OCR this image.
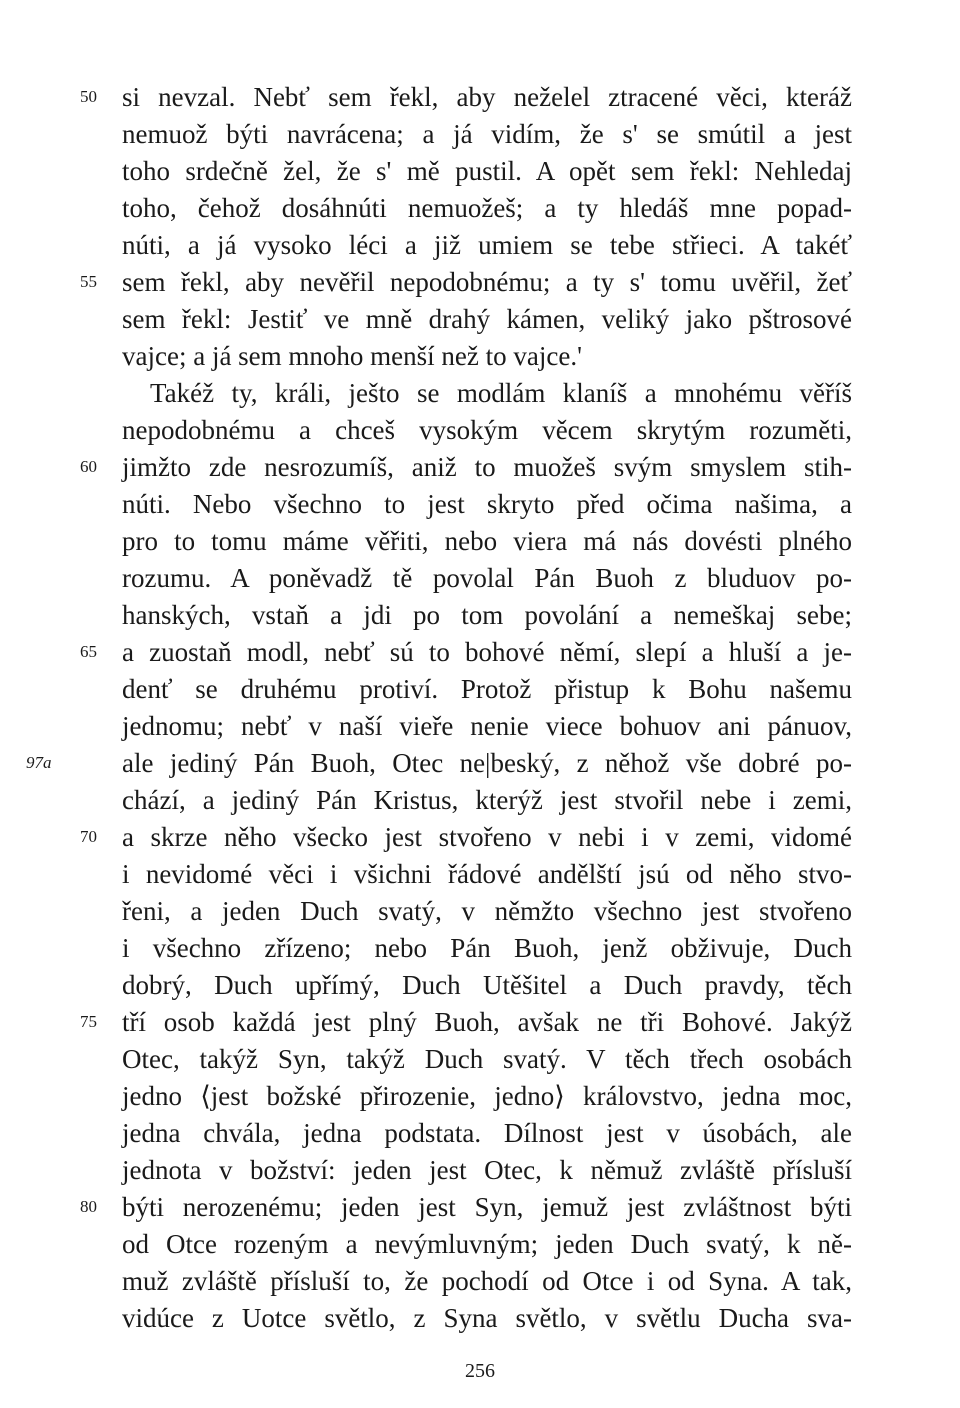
si nevzal. Nebť sem řekl, aby neželel ztracené věci, kteráž
nemuož býti navrácena; a já vidím, že s' se smútil a jest
toho srdečně žel, že s' mě pustil. A opět sem řekl: Nehledaj
toho, čehož dosáhnúti nemuožeš; a ty hledáš mne popad-
núti, a já vysoko léci a již umiem se tebe střieci. A takéť
sem řekl, aby nevěřil nepodobnému; a ty s' tomu uvěřil, žeť
sem řekl: Jestiť ve mně drahý kámen, veliký jako pštrosové
vajce; a já sem mnoho menší než to vajce.'
Takéž ty, králi, ješto se modlám klaníš a mnohému věříš
nepodobnému a chceš vysokým věcem skrytým rozuměti,
jimžto zde nesrozumíš, aniž to muožeš svým smyslem stih-
núti. Nebo všechno to jest skryto před očima našima, a
pro to tomu máme věřiti, nebo viera má nás dovésti plného
rozumu. A poněvadž tě povolal Pán Buoh z bluduov po-
hanských, vstaň a jdi po tom povolání a nemeškaj sebe;
a zuostaň modl, nebť sú to bohové němí, slepí a hluší a je-
denť se druhému protiví. Protož přistup k Bohu našemu
jednomu; nebť v naší vieře nenie viece bohuov ani pánuov,
ale jediný Pán Buoh, Otec ne|beský, z něhož vše dobré po-
chází, a jediný Pán Kristus, kterýž jest stvořil nebe i zemi,
a skrze něho všecko jest stvořeno v nebi i v zemi, vidomé
i nevidomé věci i všichni řádové andělští jsú od něho stvo-
řeni, a jeden Duch svatý, v němžto všechno jest stvořeno
i všechno zřízeno; nebo Pán Buoh, jenž obživuje, Duch
dobrý, Duch upřímý, Duch Utěšitel a Duch pravdy, těch
tří osob každá jest plný Buoh, avšak ne tři Bohové. Jakýž
Otec, takýž Syn, takýž Duch svatý. V těch třech osobách
jedno ⟨jest božské přirozenie, jedno⟩ královstvo, jedna moc,
jedna chvála, jedna podstata. Dílnost jest v úsobách, ale
jednota v božství: jeden jest Otec, k němuž zvláště přísluší
býti nerozenému; jeden jest Syn, jemuž jest zvláštnost býti
od Otce rozeným a nevýmluvným; jeden Duch svatý, k ně-
muž zvláště přísluší to, že pochodí od Otce i od Syna. A tak,
50
55
60
65
70
75
80
97a
256
vidúce z Uotce světlo, z Syna světlo, v světlu Ducha sva-
